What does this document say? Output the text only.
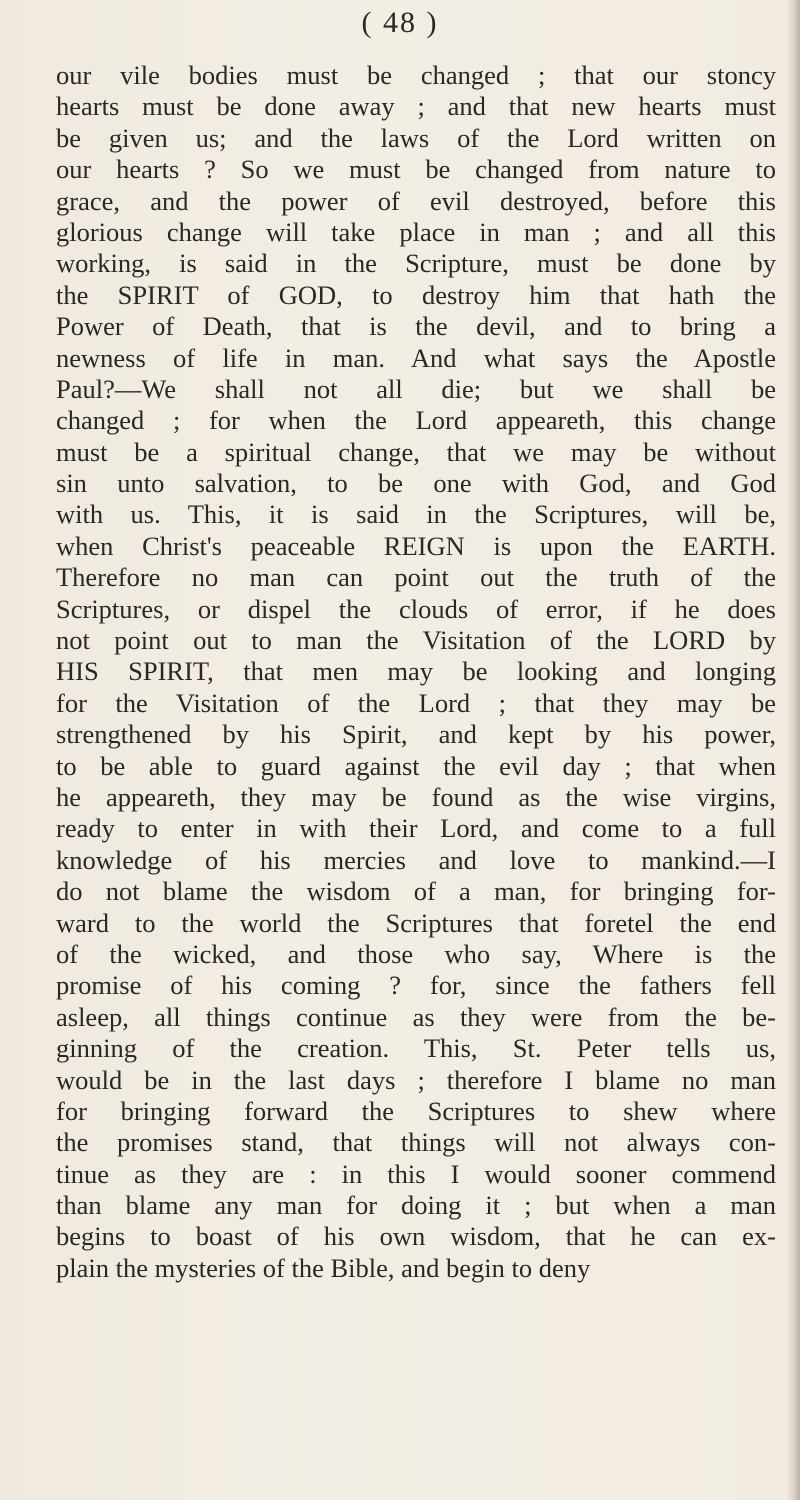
( 48 )
our vile bodies must be changed ; that our stoncy
hearts must be done away ; and that new hearts must
be given us; and the laws of the Lord written on
our hearts ? So we must be changed from nature to
grace, and the power of evil destroyed, before this
glorious change will take place in man ; and all this
working, is said in the Scripture, must be done by
the SPIRIT of GOD, to destroy him that hath the
Power of Death, that is the devil, and to bring a
newness of life in man. And what says the Apostle
Paul?—We shall not all die; but we shall be
changed ; for when the Lord appeareth, this change
must be a spiritual change, that we may be without
sin unto salvation, to be one with God, and God
with us. This, it is said in the Scriptures, will be,
when Christ's peaceable REIGN is upon the EARTH.
Therefore no man can point out the truth of the
Scriptures, or dispel the clouds of error, if he does
not point out to man the Visitation of the LORD by
HIS SPIRIT, that men may be looking and longing
for the Visitation of the Lord ; that they may be
strengthened by his Spirit, and kept by his power,
to be able to guard against the evil day ; that when
he appeareth, they may be found as the wise virgins,
ready to enter in with their Lord, and come to a full
knowledge of his mercies and love to mankind.—I
do not blame the wisdom of a man, for bringing for-
ward to the world the Scriptures that foretel the end
of the wicked, and those who say, Where is the
promise of his coming ? for, since the fathers fell
asleep, all things continue as they were from the be-
ginning of the creation. This, St. Peter tells us,
would be in the last days ; therefore I blame no man
for bringing forward the Scriptures to shew where
the promises stand, that things will not always con-
tinue as they are : in this I would sooner commend
than blame any man for doing it ; but when a man
begins to boast of his own wisdom, that he can ex-
plain the mysteries of the Bible, and begin to deny
